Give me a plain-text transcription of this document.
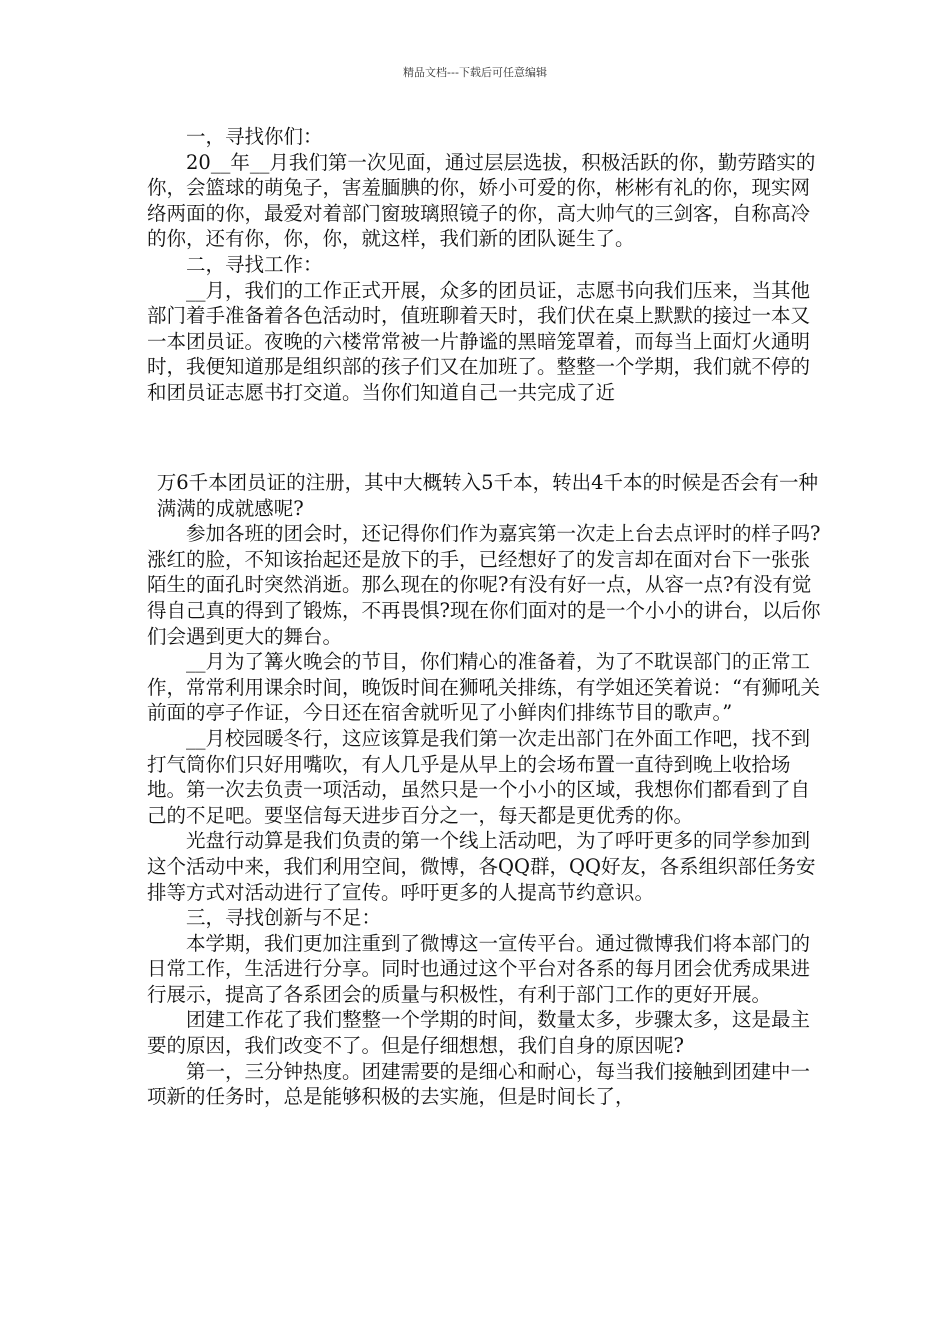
精品文档---下载后可任意编辑

一，寻找你们：

20__年__月我们第一次见面，通过层层选拔，积极活跃的你，勤劳踏实的你，会篮球的萌兔子，害羞腼腆的你，娇小可爱的你，彬彬有礼的你，现实网络两面的你，最爱对着部门窗玻璃照镜子的你，高大帅气的三剑客，自称高冷的你，还有你，你，你，就这样，我们新的团队诞生了。

二，寻找工作：

__月，我们的工作正式开展，众多的团员证，志愿书向我们压来，当其他部门着手准备着各色活动时，值班聊着天时，我们伏在桌上默默的接过一本又一本团员证。夜晚的六楼常常被一片静谧的黑暗笼罩着，而每当上面灯火通明时，我便知道那是组织部的孩子们又在加班了。整整一个学期，我们就不停的和团员证志愿书打交道。当你们知道自己一共完成了近

万6千本团员证的注册，其中大概转入5千本，转出4千本的时候是否会有一种满满的成就感呢?

参加各班的团会时，还记得你们作为嘉宾第一次走上台去点评时的样子吗?涨红的脸，不知该抬起还是放下的手，已经想好了的发言却在面对台下一张张陌生的面孔时突然消逝。那么现在的你呢?有没有好一点，从容一点?有没有觉得自己真的得到了锻炼，不再畏惧?现在你们面对的是一个小小的讲台，以后你们会遇到更大的舞台。

__月为了篝火晚会的节目，你们精心的准备着，为了不耽误部门的正常工作，常常利用课余时间，晚饭时间在狮吼关排练，有学姐还笑着说：“有狮吼关前面的亭子作证，今日还在宿舍就听见了小鲜肉们排练节目的歌声。”

__月校园暖冬行，这应该算是我们第一次走出部门在外面工作吧，找不到打气筒你们只好用嘴吹，有人几乎是从早上的会场布置一直待到晚上收拾场地。第一次去负责一项活动，虽然只是一个小小的区域，我想你们都看到了自己的不足吧。要坚信每天进步百分之一，每天都是更优秀的你。

光盘行动算是我们负责的第一个线上活动吧，为了呼吁更多的同学参加到这个活动中来，我们利用空间，微博，各QQ群，QQ好友，各系组织部任务安排等方式对活动进行了宣传。呼吁更多的人提高节约意识。

三，寻找创新与不足：

本学期，我们更加注重到了微博这一宣传平台。通过微博我们将本部门的日常工作，生活进行分享。同时也通过这个平台对各系的每月团会优秀成果进行展示，提高了各系团会的质量与积极性，有利于部门工作的更好开展。

团建工作花了我们整整一个学期的时间，数量太多，步骤太多，这是最主要的原因，我们改变不了。但是仔细想想，我们自身的原因呢?

第一，三分钟热度。团建需要的是细心和耐心，每当我们接触到团建中一项新的任务时，总是能够积极的去实施，但是时间长了，
